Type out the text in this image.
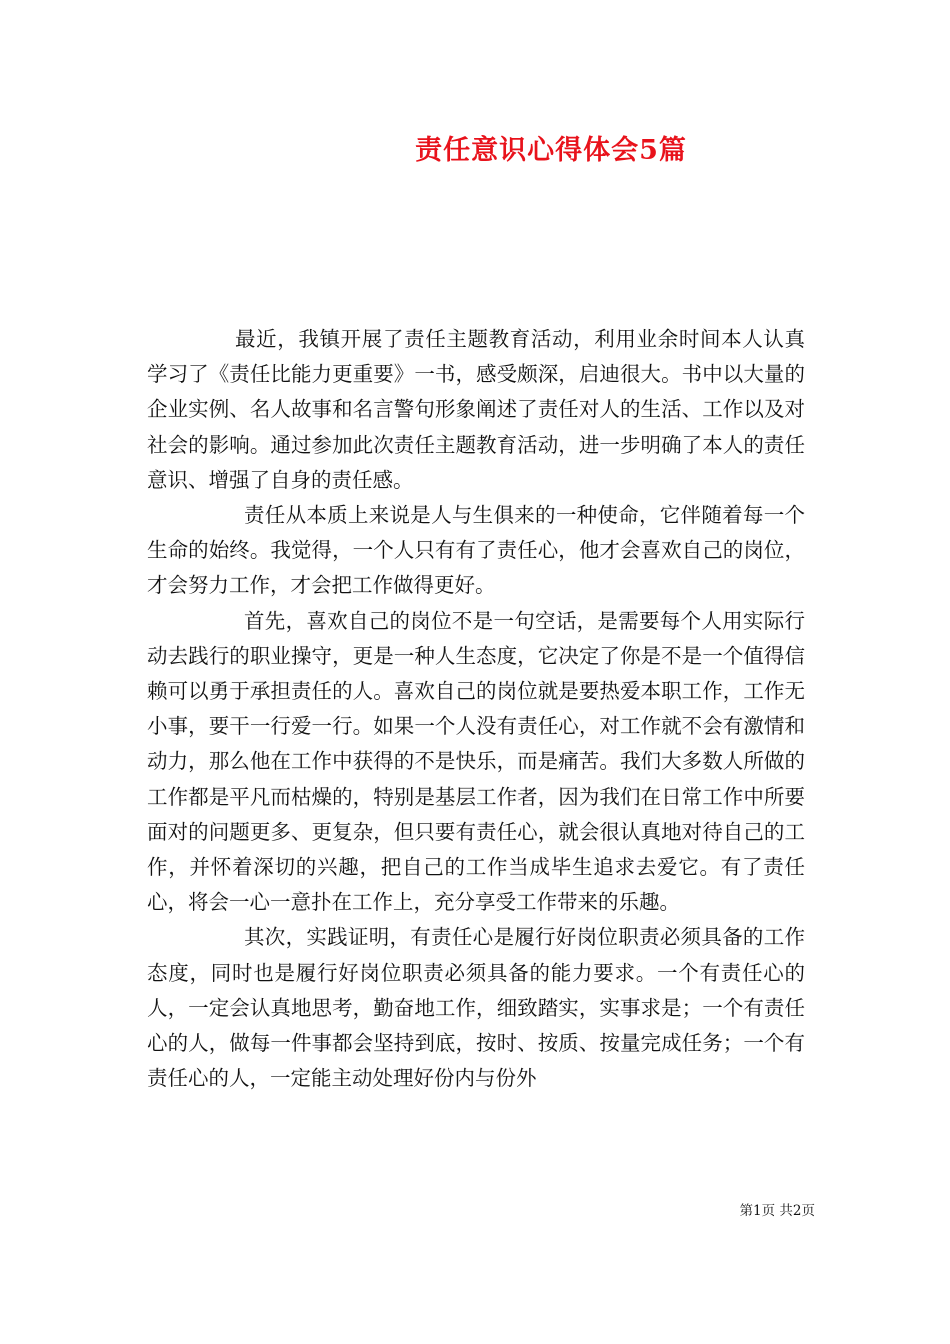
责任意识心得体会5篇

最近，我镇开展了责任主题教育活动，利用业余时间本人认真学习了《责任比能力更重要》一书，感受颇深，启迪很大。书中以大量的企业实例、名人故事和名言警句形象阐述了责任对人的生活、工作以及对社会的影响。通过参加此次责任主题教育活动，进一步明确了本人的责任意识、增强了自身的责任感。

责任从本质上来说是人与生俱来的一种使命，它伴随着每一个生命的始终。我觉得，一个人只有有了责任心，他才会喜欢自己的岗位，才会努力工作，才会把工作做得更好。

首先，喜欢自己的岗位不是一句空话，是需要每个人用实际行动去践行的职业操守，更是一种人生态度，它决定了你是不是一个值得信赖可以勇于承担责任的人。喜欢自己的岗位就是要热爱本职工作，工作无小事，要干一行爱一行。如果一个人没有责任心，对工作就不会有激情和动力，那么他在工作中获得的不是快乐，而是痛苦。我们大多数人所做的工作都是平凡而枯燥的，特别是基层工作者，因为我们在日常工作中所要面对的问题更多、更复杂，但只要有责任心，就会很认真地对待自己的工作，并怀着深切的兴趣，把自己的工作当成毕生追求去爱它。有了责任心，将会一心一意扑在工作上，充分享受工作带来的乐趣。

其次，实践证明，有责任心是履行好岗位职责必须具备的工作态度，同时也是履行好岗位职责必须具备的能力要求。一个有责任心的人，一定会认真地思考，勤奋地工作，细致踏实，实事求是；一个有责任心的人，做每一件事都会坚持到底，按时、按质、按量完成任务；一个有责任心的人，一定能主动处理好份内与份外

第1页 共2页
